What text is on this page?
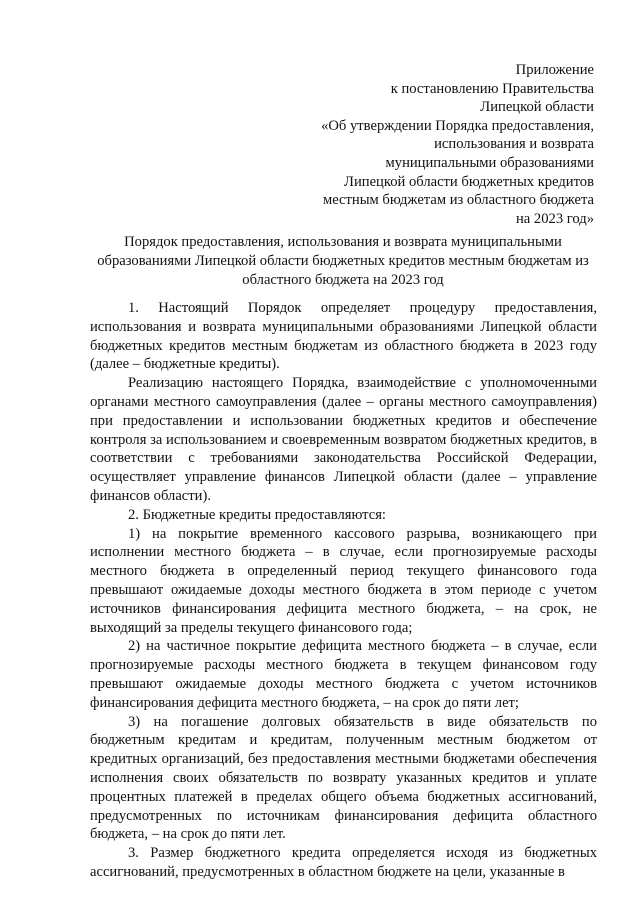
Приложение
к постановлению Правительства
Липецкой области
«Об утверждении Порядка предоставления,
использования и возврата
муниципальными образованиями
Липецкой области бюджетных кредитов
местным бюджетам из областного бюджета
на 2023 год»
Порядок предоставления, использования и возврата муниципальными образованиями Липецкой области бюджетных кредитов местным бюджетам из областного бюджета на 2023 год

1. Настоящий Порядок определяет процедуру предоставления, использования и возврата муниципальными образованиями Липецкой области бюджетных кредитов местным бюджетам из областного бюджета в 2023 году (далее – бюджетные кредиты).

Реализацию настоящего Порядка, взаимодействие с уполномоченными органами местного самоуправления (далее – органы местного самоуправления) при предоставлении и использовании бюджетных кредитов и обеспечение контроля за использованием и своевременным возвратом бюджетных кредитов, в соответствии с требованиями законодательства Российской Федерации, осуществляет управление финансов Липецкой области (далее – управление финансов области).

2. Бюджетные кредиты предоставляются:

1) на покрытие временного кассового разрыва, возникающего при исполнении местного бюджета – в случае, если прогнозируемые расходы местного бюджета в определенный период текущего финансового года превышают ожидаемые доходы местного бюджета в этом периоде с учетом источников финансирования дефицита местного бюджета, – на срок, не выходящий за пределы текущего финансового года;

2) на частичное покрытие дефицита местного бюджета – в случае, если прогнозируемые расходы местного бюджета в текущем финансовом году превышают ожидаемые доходы местного бюджета с учетом источников финансирования дефицита местного бюджета, – на срок до пяти лет;

3) на погашение долговых обязательств в виде обязательств по бюджетным кредитам и кредитам, полученным местным бюджетом от кредитных организаций, без предоставления местными бюджетами обеспечения исполнения своих обязательств по возврату указанных кредитов и уплате процентных платежей в пределах общего объема бюджетных ассигнований, предусмотренных по источникам финансирования дефицита областного бюджета, – на срок до пяти лет.

3. Размер бюджетного кредита определяется исходя из бюджетных ассигнований, предусмотренных в областном бюджете на цели, указанные в
